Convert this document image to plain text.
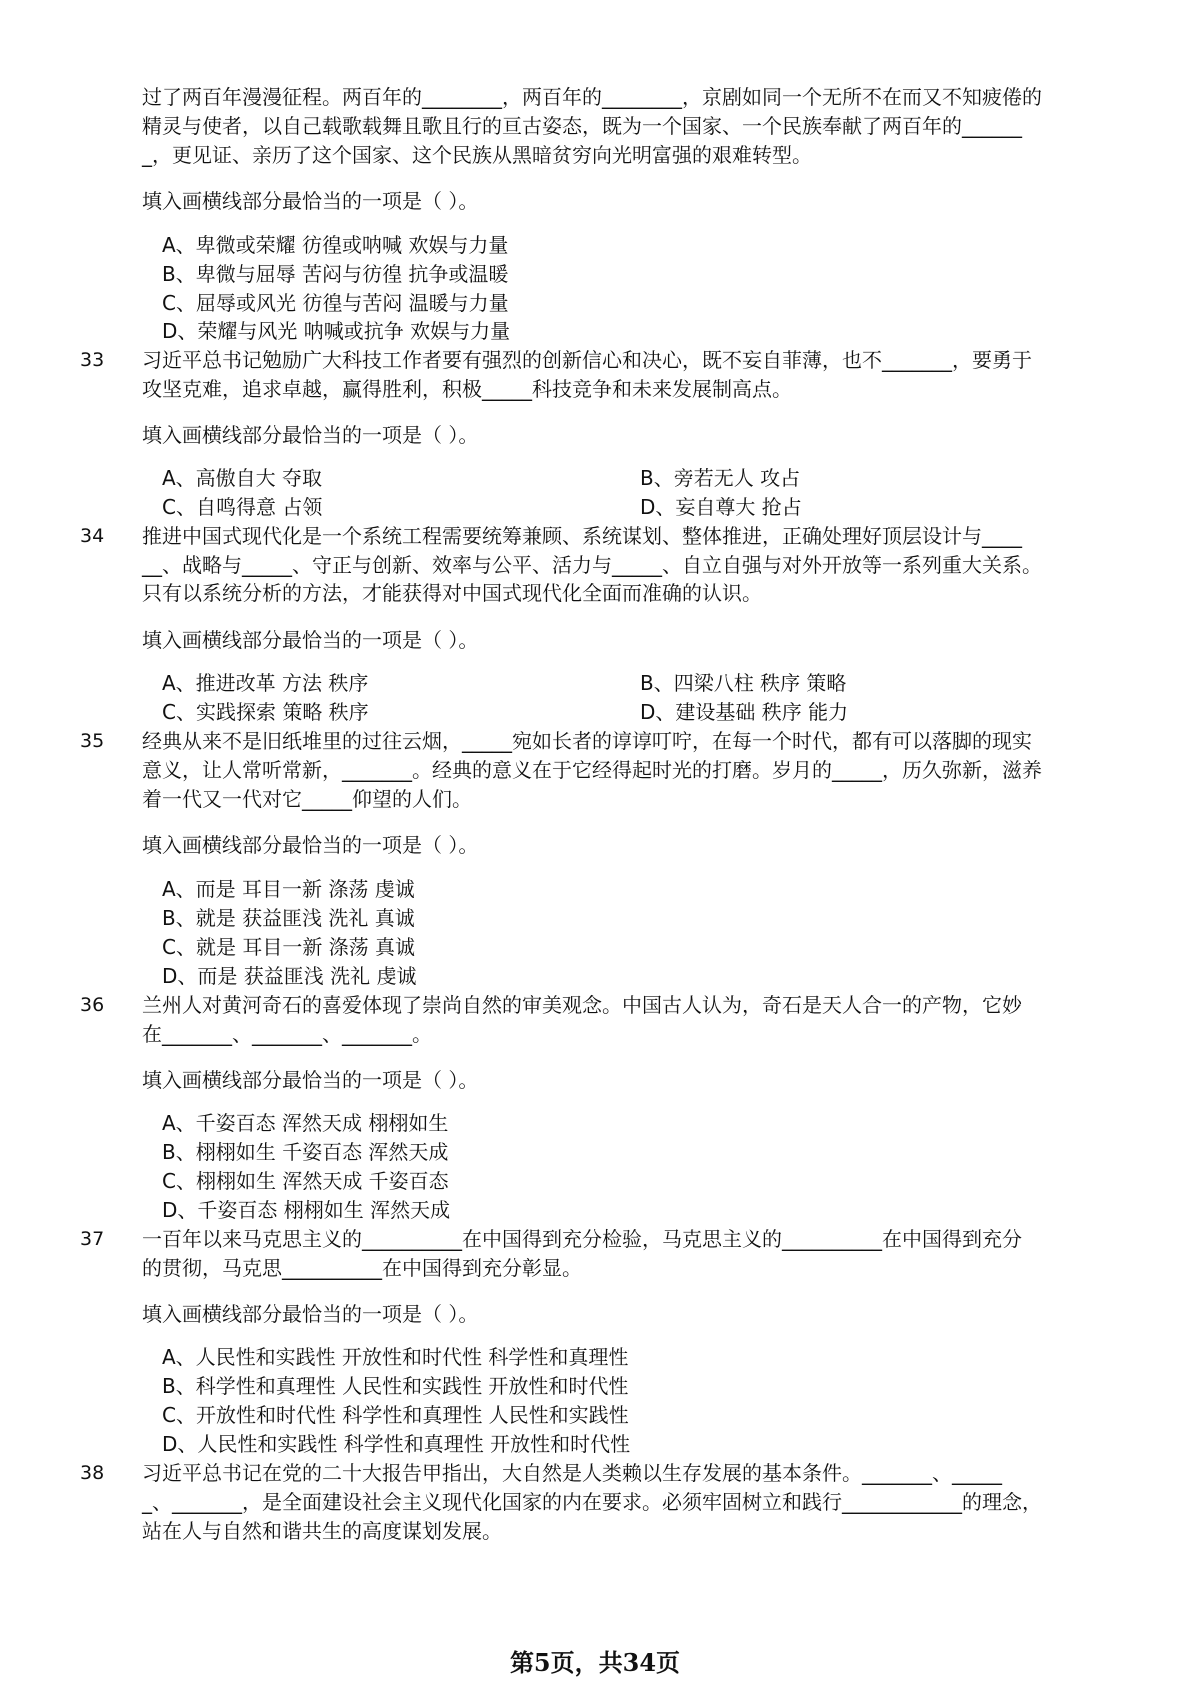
过了两百年漫漫征程。两百年的________，两百年的________，京剧如同一个无所不在而又不知疲倦的
精灵与使者，以自己载歌载舞且歌且行的亘古姿态，既为一个国家、一个民族奉献了两百年的______
_，更见证、亲历了这个国家、这个民族从黑暗贫穷向光明富强的艰难转型。
填入画横线部分最恰当的一项是（ ）。
A、卑微或荣耀 彷徨或呐喊 欢娱与力量
B、卑微与屈辱 苦闷与彷徨 抗争或温暖
C、屈辱或风光 彷徨与苦闷 温暖与力量
D、荣耀与风光 呐喊或抗争 欢娱与力量
33 习近平总书记勉励广大科技工作者要有强烈的创新信心和决心，既不妄自菲薄，也不_______，要勇于
攻坚克难，追求卓越，赢得胜利，积极_____科技竞争和未来发展制高点。
填入画横线部分最恰当的一项是（ ）。
A、高傲自大 夺取	B、旁若无人 攻占
C、自鸣得意 占领	D、妄自尊大 抢占
34 推进中国式现代化是一个系统工程需要统筹兼顾、系统谋划、整体推进，正确处理好顶层设计与____
__、战略与_____、守正与创新、效率与公平、活力与_____、自立自强与对外开放等一系列重大关系。
只有以系统分析的方法，才能获得对中国式现代化全面而准确的认识。
填入画横线部分最恰当的一项是（ ）。
A、推进改革 方法 秩序	B、四梁八柱 秩序 策略
C、实践探索 策略 秩序	D、建设基础 秩序 能力
35 经典从来不是旧纸堆里的过往云烟，_____宛如长者的谆谆叮咛，在每一个时代，都有可以落脚的现实
意义，让人常听常新，_______。经典的意义在于它经得起时光的打磨。岁月的_____，历久弥新，滋养
着一代又一代对它_____仰望的人们。
填入画横线部分最恰当的一项是（ ）。
A、而是 耳目一新 涤荡 虔诚
B、就是 获益匪浅 洗礼 真诚
C、就是 耳目一新 涤荡 真诚
D、而是 获益匪浅 洗礼 虔诚
36 兰州人对黄河奇石的喜爱体现了崇尚自然的审美观念。中国古人认为，奇石是天人合一的产物，它妙
在_______、_______、_______。
填入画横线部分最恰当的一项是（ ）。
A、千姿百态 浑然天成 栩栩如生
B、栩栩如生 千姿百态 浑然天成
C、栩栩如生 浑然天成 千姿百态
D、千姿百态 栩栩如生 浑然天成
37 一百年以来马克思主义的__________在中国得到充分检验，马克思主义的__________在中国得到充分
的贯彻，马克思__________在中国得到充分彰显。
填入画横线部分最恰当的一项是（ ）。
A、人民性和实践性 开放性和时代性 科学性和真理性
B、科学性和真理性 人民性和实践性 开放性和时代性
C、开放性和时代性 科学性和真理性 人民性和实践性
D、人民性和实践性 科学性和真理性 开放性和时代性
38 习近平总书记在党的二十大报告甲指出，大自然是人类赖以生存发展的基本条件。_______、_____
_、_______，是全面建设社会主义现代化国家的内在要求。必须牢固树立和践行____________的理念，
站在人与自然和谐共生的高度谋划发展。
第5页，共34页
